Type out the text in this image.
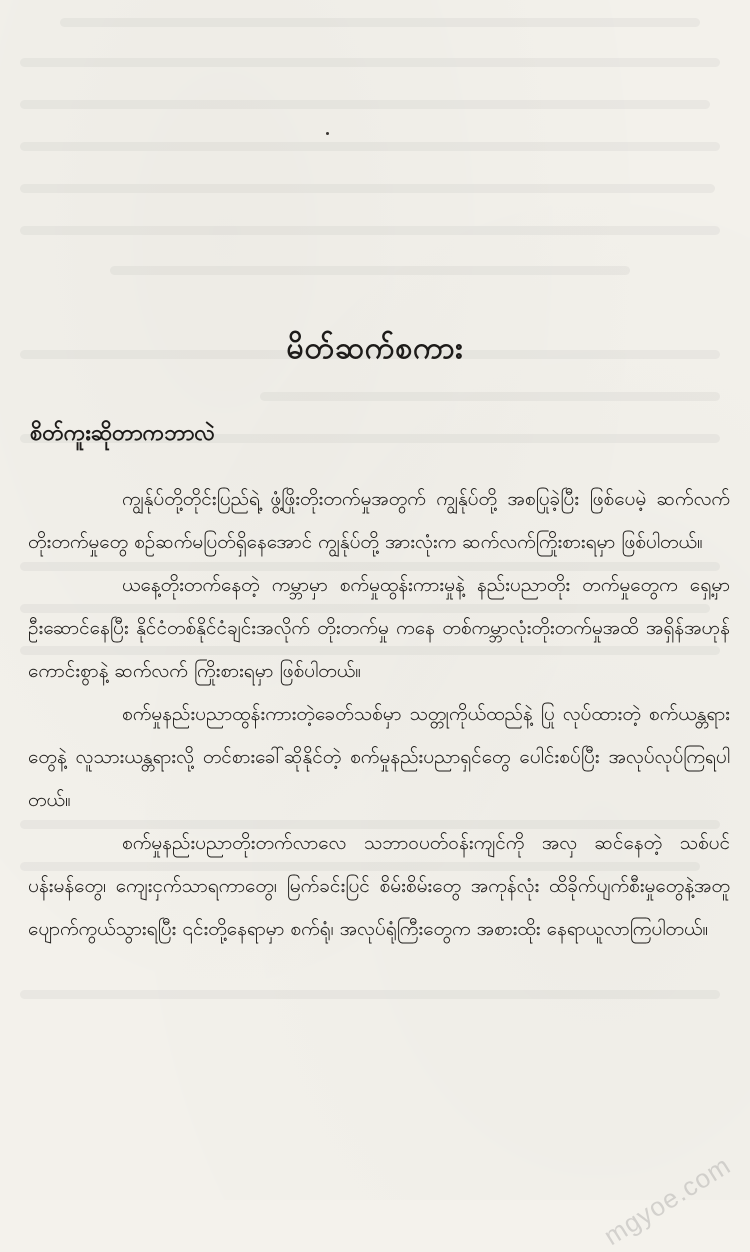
မိတ်ဆက်စကား
စိတ်ကူးဆိုတာကဘာလဲ

ကျွန်ုပ်တို့တိုင်းပြည်ရဲ့ ဖွံ့ဖြိုးတိုးတက်မှုအတွက် ကျွန်ုပ်တို့ အစပြုခဲ့ပြီး ဖြစ်ပေမဲ့ ဆက်လက်တိုးတက်မှုတွေ စဉ်ဆက်မပြတ်ရှိနေအောင် ကျွန်ုပ်တို့ အားလုံးက ဆက်လက်ကြိုးစားရမှာ ဖြစ်ပါတယ်။

ယနေ့တိုးတက်နေတဲ့ ကမ္ဘာမှာ စက်မှုထွန်းကားမှုနဲ့ နည်းပညာတိုး တက်မှုတွေက ရှေ့မှာ ဦးဆောင်နေပြီး နိုင်ငံတစ်နိုင်ငံချင်းအလိုက် တိုးတက်မှု ကနေ တစ်ကမ္ဘာလုံးတိုးတက်မှုအထိ အရှိန်အဟုန်ကောင်းစွာနဲ့ ဆက်လက် ကြိုးစားရမှာ ဖြစ်ပါတယ်။

စက်မှုနည်းပညာထွန်းကားတဲ့ခေတ်သစ်မှာ သတ္တုကိုယ်ထည်နဲ့ ပြု လုပ်ထားတဲ့ စက်ယန္တရားတွေနဲ့ လူသားယန္တရားလို့ တင်စားခေါ်ဆိုနိုင်တဲ့ စက်မှုနည်းပညာရှင်တွေ ပေါင်းစပ်ပြီး အလုပ်လုပ်ကြရပါတယ်။

စက်မှုနည်းပညာတိုးတက်လာလေ သဘာဝပတ်ဝန်းကျင်ကို အလှ ဆင်နေတဲ့ သစ်ပင်ပန်းမန်တွေ၊ ကျေးငှက်သာရကာတွေ၊ မြက်ခင်းပြင် စိမ်းစိမ်းတွေ အကုန်လုံး ထိခိုက်ပျက်စီးမှုတွေနဲ့အတူ ပျောက်ကွယ်သွားရပြီး ၎င်းတို့နေရာမှာ စက်ရုံ၊ အလုပ်ရုံကြီးတွေက အစားထိုး နေရာယူလာကြပါတယ်။

mgyoe.com
